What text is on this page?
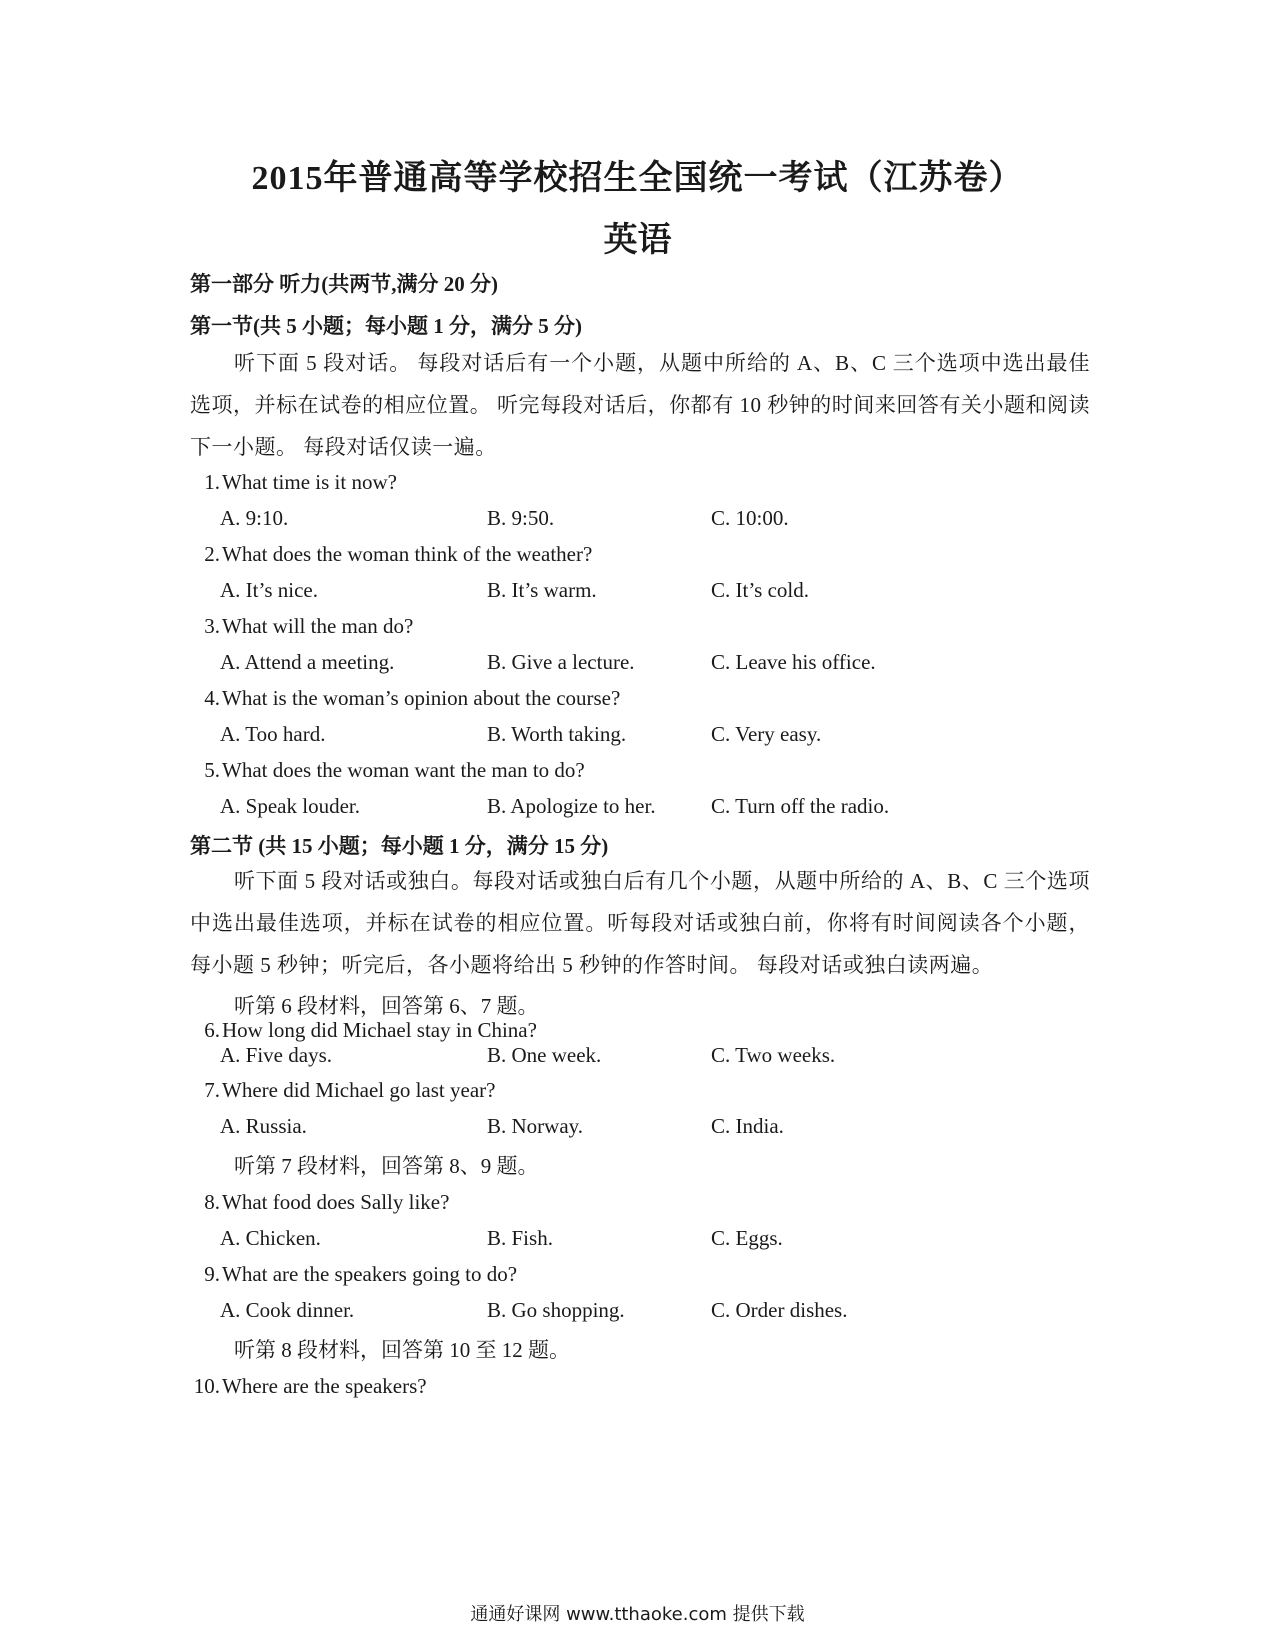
2015年普通高等学校招生全国统一考试（江苏卷）
英语
第一部分 听力(共两节,满分 20 分)
第一节(共 5 小题；每小题 1 分，满分 5 分)
听下面 5 段对话。 每段对话后有一个小题，从题中所给的 A、B、C 三个选项中选出最佳选项，并标在试卷的相应位置。 听完每段对话后，你都有 10 秒钟的时间来回答有关小题和阅读下一小题。 每段对话仅读一遍。
1.What time is it now?
A. 9:10.	B. 9:50.	C. 10:00.
2.What does the woman think of the weather?
A. It’s nice.	B. It’s warm.	C. It’s cold.
3.What will the man do?
A. Attend a meeting.	B. Give a lecture.	C. Leave his office.
4.What is the woman’s opinion about the course?
A. Too hard.	B. Worth taking.	C. Very easy.
5.What does the woman want the man to do?
A. Speak louder.	B. Apologize to her.	C. Turn off the radio.
第二节 (共 15 小题；每小题 1 分，满分 15 分)
听下面 5 段对话或独白。每段对话或独白后有几个小题，从题中所给的 A、B、C 三个选项中选出最佳选项，并标在试卷的相应位置。听每段对话或独白前，你将有时间阅读各个小题，每小题 5 秒钟；听完后，各小题将给出 5 秒钟的作答时间。 每段对话或独白读两遍。
听第 6 段材料，回答第 6、7 题。
6.How long did Michael stay in China?
A. Five days.	B. One week.	C. Two weeks.
7.Where did Michael go last year?
A. Russia.	B. Norway.	C. India.
听第 7 段材料，回答第 8、9 题。
8.What food does Sally like?
A. Chicken.	B. Fish.	C. Eggs.
9.What are the speakers going to do?
A. Cook dinner.	B. Go shopping.	C. Order dishes.
听第 8 段材料，回答第 10 至 12 题。
10.Where are the speakers?
通通好课网 www.tthaoke.com 提供下载
